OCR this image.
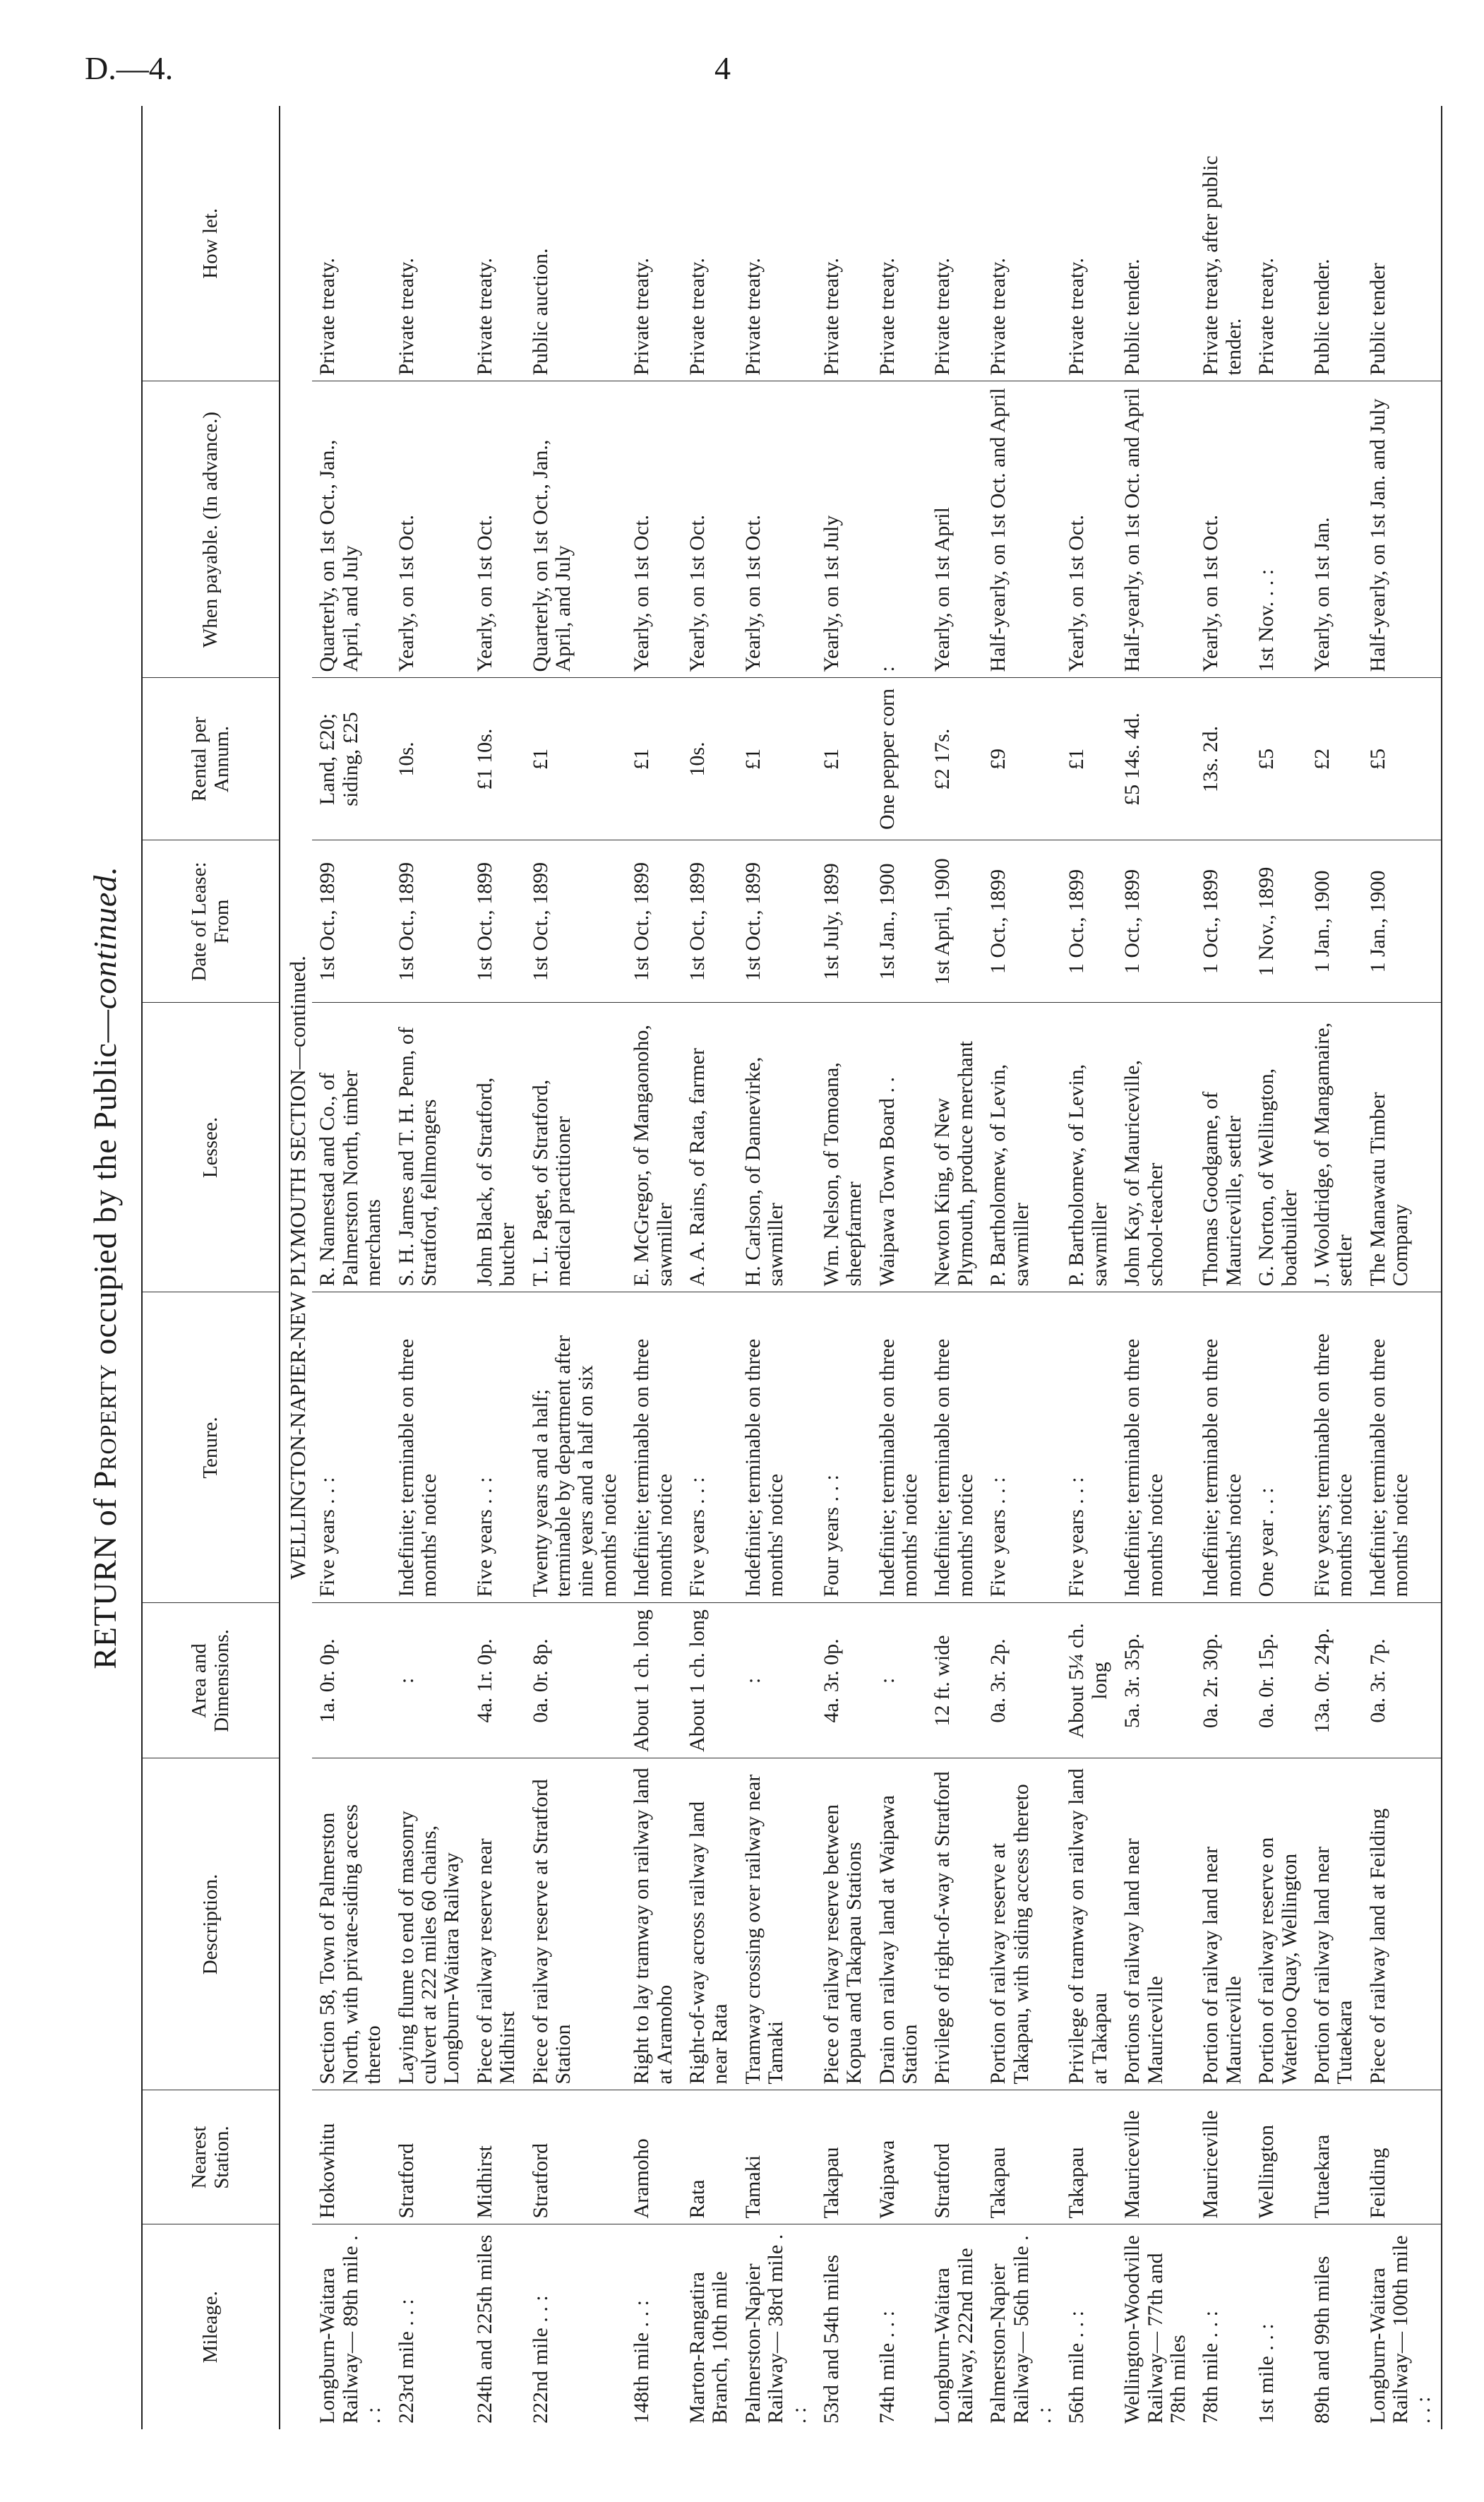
D.—4.	4
RETURN of Property occupied by the Public—continued.
Mileage.	Nearest Station.	Description.	Area and Dimensions.	Tenure.	Lessee.	Date of Lease: From	Rental per Annum.	When payable. (In advance.)	How let.
WELLINGTON-NAPIER-NEW PLYMOUTH SECTION—continued.									
Longburn-Waitara Railway— 89th mile . . :	Hokowhitu	Section 58, Town of Palmerston North, with private-siding access thereto	1a. 0r. 0p.	Five years . . :	R. Nannestad and Co., of Palmerston North, timber merchants	1st Oct., 1899	Land, £20; siding, £25	Quarterly, on 1st Oct., Jan., April, and July	Private treaty.
223rd mile . . :	Stratford	Laying flume to end of masonry culvert at 222 miles 60 chains, Longburn-Waitara Railway	:	Indefinite; terminable on three months' notice	S. H. James and T. H. Penn, of Stratford, fellmongers	1st Oct., 1899	10s.	Yearly, on 1st Oct.	Private treaty.
224th and 225th miles	Midhirst	Piece of railway reserve near Midhirst	4a. 1r. 0p.	Five years . . :	John Black, of Stratford, butcher	1st Oct., 1899	£1 10s.	Yearly, on 1st Oct.	Private treaty.
222nd mile . . :	Stratford	Piece of railway reserve at Stratford Station	0a. 0r. 8p.	Twenty years and a half; terminable by department after nine years and a half on six months' notice	T. L. Paget, of Stratford, medical practitioner	1st Oct., 1899	£1	Quarterly, on 1st Oct., Jan., April, and July	Public auction.
148th mile . . :	Aramoho	Right to lay tramway on railway land at Aramoho	About 1 ch. long	Indefinite; terminable on three months' notice	E. McGregor, of Mangaonoho, sawmiller	1st Oct., 1899	£1	Yearly, on 1st Oct.	Private treaty.
Marton-Rangatira Branch, 10th mile	Rata	Right-of-way across railway land near Rata	About 1 ch. long	Five years . . :	A. A. Rains, of Rata, farmer	1st Oct., 1899	10s.	Yearly, on 1st Oct.	Private treaty.
Palmerston-Napier Railway— 38rd mile . . :	Tamaki	Tramway crossing over railway near Tamaki	:	Indefinite; terminable on three months' notice	H. Carlson, of Dannevirke, sawmiller	1st Oct., 1899	£1	Yearly, on 1st Oct.	Private treaty.
53rd and 54th miles	Takapau	Piece of railway reserve between Kopua and Takapau Stations	4a. 3r. 0p.	Four years . . :	Wm. Nelson, of Tomoana, sheepfarmer	1st July, 1899	£1	Yearly, on 1st July	Private treaty.
74th mile . . :	Waipawa	Drain on railway land at Waipawa Station	:	Indefinite; terminable on three months' notice	Waipawa Town Board . .	1st Jan., 1900	One pepper corn	:	Private treaty.
Longburn-Waitara Railway, 222nd mile	Stratford	Privilege of right-of-way at Stratford	12 ft. wide	Indefinite; terminable on three months' notice	Newton King, of New Plymouth, produce merchant	1st April, 1900	£2 17s.	Yearly, on 1st April	Private treaty.
Palmerston-Napier Railway— 56th mile . . :	Takapau	Portion of railway reserve at Takapau, with siding access thereto	0a. 3r. 2p.	Five years . . :	P. Bartholomew, of Levin, sawmiller	1 Oct., 1899	£9	Half-yearly, on 1st Oct. and April	Private treaty.
56th mile . . :	Takapau	Privilege of tramway on railway land at Takapau	About 5¼ ch. long	Five years . . :	P. Bartholomew, of Levin, sawmiller	1 Oct., 1899	£1	Yearly, on 1st Oct.	Private treaty.
Wellington-Woodville Railway— 77th and 78th miles	Mauriceville	Portions of railway land near Mauriceville	5a. 3r. 35p.	Indefinite; terminable on three months' notice	John Kay, of Mauriceville, school-teacher	1 Oct., 1899	£5 14s. 4d.	Half-yearly, on 1st Oct. and April	Public tender.
78th mile . . :	Mauriceville	Portion of railway land near Mauriceville	0a. 2r. 30p.	Indefinite; terminable on three months' notice	Thomas Goodgame, of Mauriceville, settler	1 Oct., 1899	13s. 2d.	Yearly, on 1st Oct.	Private treaty, after public tender.
1st mile . . :	Wellington	Portion of railway reserve on Waterloo Quay, Wellington	0a. 0r. 15p.	One year . . :	G. Norton, of Wellington, boatbuilder	1 Nov., 1899	£5	1st Nov. . . :	Private treaty.
89th and 99th miles	Tutaekara	Portion of railway land near Tutaekara	13a. 0r. 24p.	Five years; terminable on three months' notice	J. Wooldridge, of Mangamaire, settler	1 Jan., 1900	£2	Yearly, on 1st Jan.	Public tender.
Longburn-Waitara Railway— 100th mile . . :	Feilding	Piece of railway land at Feilding	0a. 3r. 7p.	Indefinite; terminable on three months' notice	The Manawatu Timber Company	1 Jan., 1900	£5	Half-yearly, on 1st Jan. and July	Public tender
